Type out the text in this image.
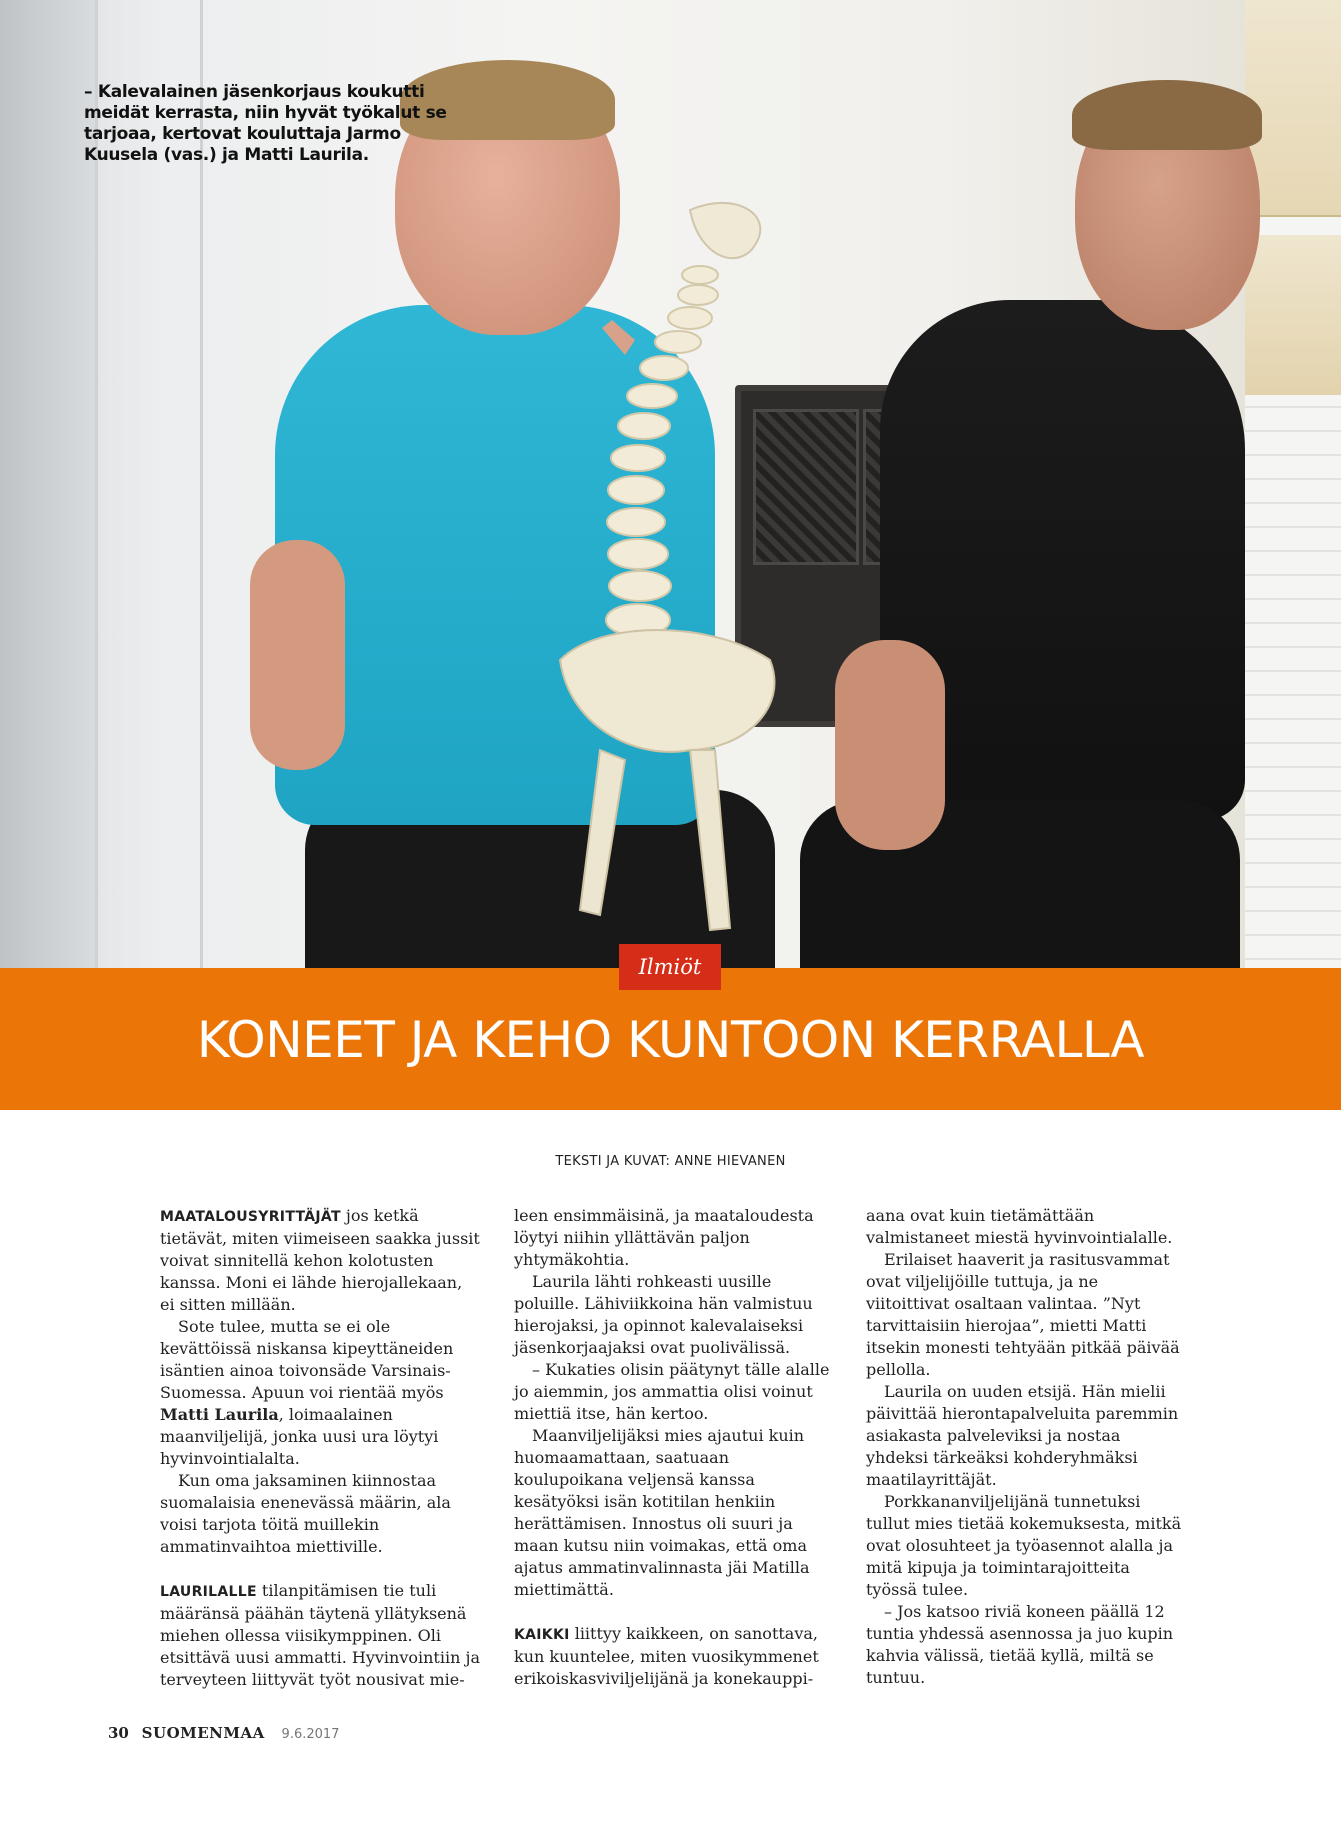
– Kalevalainen jäsenkorjaus koukutti meidät kerrasta, niin hyvät työkalut se tarjoaa, kertovat kouluttaja Jarmo Kuusela (vas.) ja Matti Laurila.
Ilmiöt
KONEET JA KEHO KUNTOON KERRALLA
TEKSTI JA KUVAT: ANNE HIEVANEN

MAATALOUSYRITTÄJÄT jos ketkä tietävät, miten viimeiseen saakka jussit voivat sinnitellä kehon kolotusten kanssa. Moni ei lähde hierojallekaan, ei sitten millään.

Sote tulee, mutta se ei ole kevättöissä niskansa kipeyttäneiden isäntien ainoa toivonsäde Varsinais-Suomessa. Apuun voi rientää myös Matti Laurila, loimaalainen maanviljelijä, jonka uusi ura löytyi hyvinvointialalta.

Kun oma jaksaminen kiinnostaa suomalaisia enenevässä määrin, ala voisi tarjota töitä muillekin ammatinvaihtoa miettiville.

LAURILALLE tilanpitämisen tie tuli määränsä päähän täytenä yllätyksenä miehen ollessa viisikymppinen. Oli etsittävä uusi ammatti. Hyvinvointiin ja terveyteen liittyvät työt nousivat mie-

leen ensimmäisinä, ja maataloudesta löytyi niihin yllättävän paljon yhtymäkohtia.

Laurila lähti rohkeasti uusille poluille. Lähiviikkoina hän valmistuu hierojaksi, ja opinnot kalevalaiseksi jäsenkorjaajaksi ovat puolivälissä.

– Kukaties olisin päätynyt tälle alalle jo aiemmin, jos ammattia olisi voinut miettiä itse, hän kertoo.

Maanviljelijäksi mies ajautui kuin huomaamattaan, saatuaan koulupoikana veljensä kanssa kesätyöksi isän kotitilan henkiin herättämisen. Innostus oli suuri ja maan kutsu niin voimakas, että oma ajatus ammatinvalinnasta jäi Matilla miettimättä.

KAIKKI liittyy kaikkeen, on sanottava, kun kuuntelee, miten vuosikymmenet erikoiskasviviljelijänä ja konekauppi-

aana ovat kuin tietämättään valmistaneet miestä hyvinvointialalle.

Erilaiset haaverit ja rasitusvammat ovat viljelijöille tuttuja, ja ne viitoittivat osaltaan valintaa. ”Nyt tarvittaisiin hierojaa”, mietti Matti itsekin monesti tehtyään pitkää päivää pellolla.

Laurila on uuden etsijä. Hän mielii päivittää hierontapalveluita paremmin asiakasta palveleviksi ja nostaa yhdeksi tärkeäksi kohderyhmäksi maatilayrittäjät.

Porkkananviljelijänä tunnetuksi tullut mies tietää kokemuksesta, mitkä ovat olosuhteet ja työasennot alalla ja mitä kipuja ja toimintarajoitteita työssä tulee.

– Jos katsoo riviä koneen päällä 12 tuntia yhdessä asennossa ja juo kupin kahvia välissä, tietää kyllä, miltä se tuntuu.

30 SUOMENMAA 9.6.2017
